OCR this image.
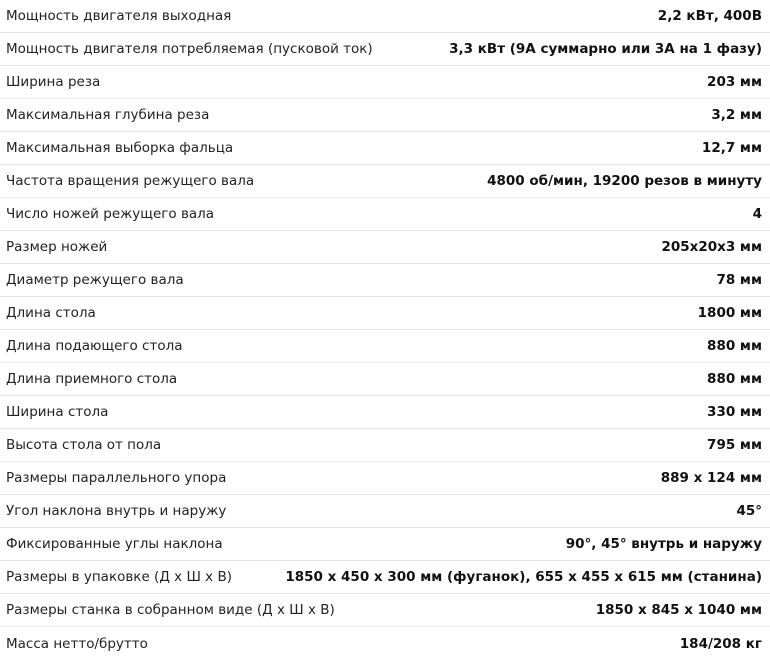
Мощность двигателя выходная	2,2 кВт, 400В
Мощность двигателя потребляемая (пусковой ток)	3,3 кВт (9А суммарно или 3А на 1 фазу)
Ширина реза	203 мм
Максимальная глубина реза	3,2 мм
Максимальная выборка фальца	12,7 мм
Частота вращения режущего вала	4800 об/мин, 19200 резов в минуту
Число ножей режущего вала	4
Размер ножей	205x20x3 мм
Диаметр режущего вала	78 мм
Длина стола	1800 мм
Длина подающего стола	880 мм
Длина приемного стола	880 мм
Ширина стола	330 мм
Высота стола от пола	795 мм
Размеры параллельного упора	889 х 124 мм
Угол наклона внутрь и наружу	45°
Фиксированные углы наклона	90°, 45° внутрь и наружу
Размеры в упаковке (Д х Ш х В)	1850 х 450 х 300 мм (фуганок), 655 х 455 х 615 мм (станина)
Размеры станка в собранном виде (Д х Ш х В)	1850 х 845 х 1040 мм
Масса нетто/брутто	184/208 кг
